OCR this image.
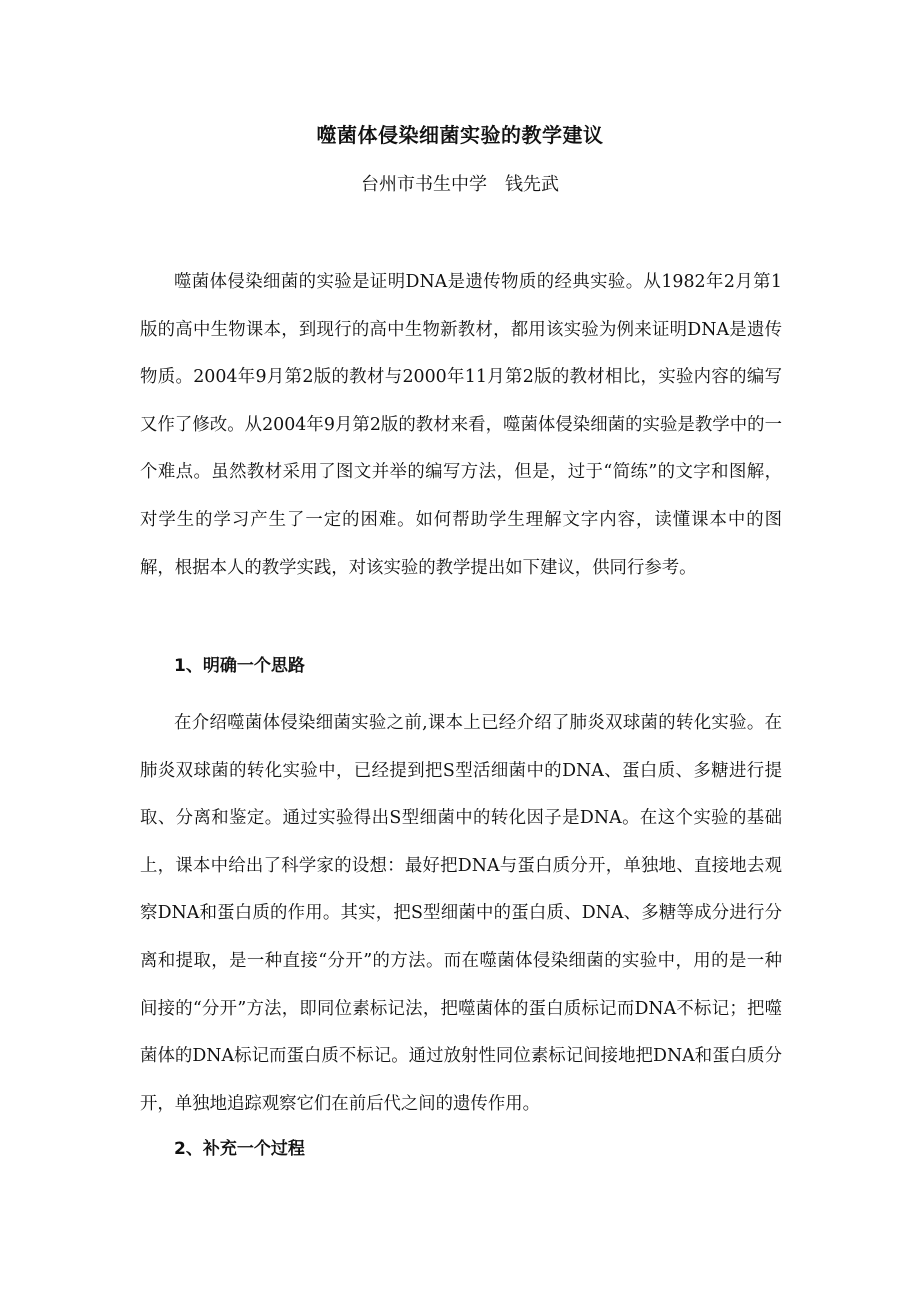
噬菌体侵染细菌实验的教学建议
台州市书生中学　钱先武

噬菌体侵染细菌的实验是证明DNA是遗传物质的经典实验。从1982年2月第1版的高中生物课本，到现行的高中生物新教材，都用该实验为例来证明DNA是遗传物质。2004年9月第2版的教材与2000年11月第2版的教材相比，实验内容的编写又作了修改。从2004年9月第2版的教材来看，噬菌体侵染细菌的实验是教学中的一个难点。虽然教材采用了图文并举的编写方法，但是，过于“简练”的文字和图解，对学生的学习产生了一定的困难。如何帮助学生理解文字内容，读懂课本中的图解，根据本人的教学实践，对该实验的教学提出如下建议，供同行参考。

1、明确一个思路

在介绍噬菌体侵染细菌实验之前,课本上已经介绍了肺炎双球菌的转化实验。在肺炎双球菌的转化实验中，已经提到把S型活细菌中的DNA、蛋白质、多糖进行提取、分离和鉴定。通过实验得出S型细菌中的转化因子是DNA。在这个实验的基础上，课本中给出了科学家的设想：最好把DNA与蛋白质分开，单独地、直接地去观察DNA和蛋白质的作用。其实，把S型细菌中的蛋白质、DNA、多糖等成分进行分离和提取，是一种直接“分开”的方法。而在噬菌体侵染细菌的实验中，用的是一种间接的“分开”方法，即同位素标记法，把噬菌体的蛋白质标记而DNA不标记；把噬菌体的DNA标记而蛋白质不标记。通过放射性同位素标记间接地把DNA和蛋白质分开，单独地追踪观察它们在前后代之间的遗传作用。

2、补充一个过程
